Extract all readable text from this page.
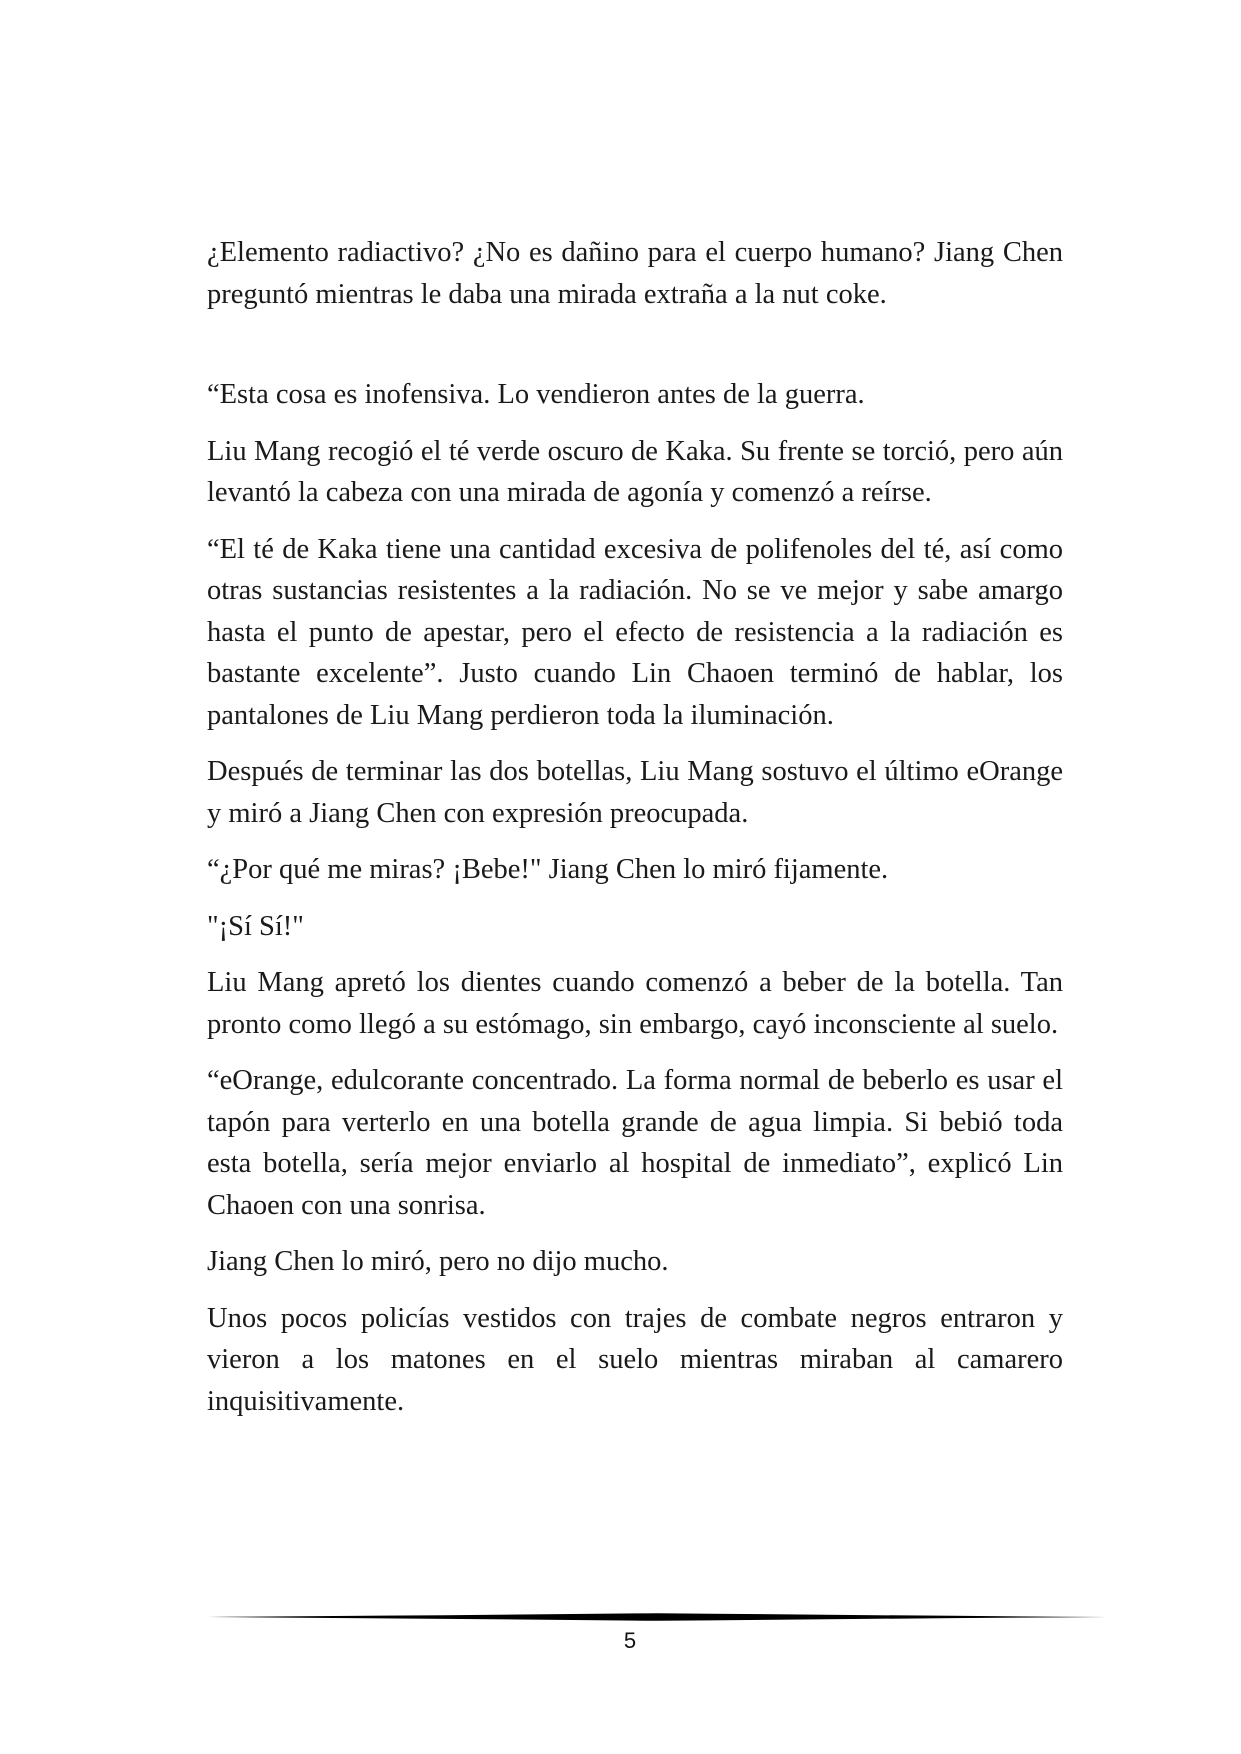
¿Elemento radiactivo? ¿No es dañino para el cuerpo humano? Jiang Chen preguntó mientras le daba una mirada extraña a la nut coke.

“Esta cosa es inofensiva. Lo vendieron antes de la guerra.

Liu Mang recogió el té verde oscuro de Kaka. Su frente se torció, pero aún levantó la cabeza con una mirada de agonía y comenzó a reírse.

“El té de Kaka tiene una cantidad excesiva de polifenoles del té, así como otras sustancias resistentes a la radiación. No se ve mejor y sabe amargo hasta el punto de apestar, pero el efecto de resistencia a la radiación es bastante excelente”. Justo cuando Lin Chaoen terminó de hablar, los pantalones de Liu Mang perdieron toda la iluminación.

Después de terminar las dos botellas, Liu Mang sostuvo el último eOrange y miró a Jiang Chen con expresión preocupada.

“¿Por qué me miras? ¡Bebe!" Jiang Chen lo miró fijamente.

"¡Sí Sí!"

Liu Mang apretó los dientes cuando comenzó a beber de la botella. Tan pronto como llegó a su estómago, sin embargo, cayó inconsciente al suelo.

“eOrange, edulcorante concentrado. La forma normal de beberlo es usar el tapón para verterlo en una botella grande de agua limpia. Si bebió toda esta botella, sería mejor enviarlo al hospital de inmediato”, explicó Lin Chaoen con una sonrisa.

Jiang Chen lo miró, pero no dijo mucho.

Unos pocos policías vestidos con trajes de combate negros entraron y vieron a los matones en el suelo mientras miraban al camarero inquisitivamente.

5
